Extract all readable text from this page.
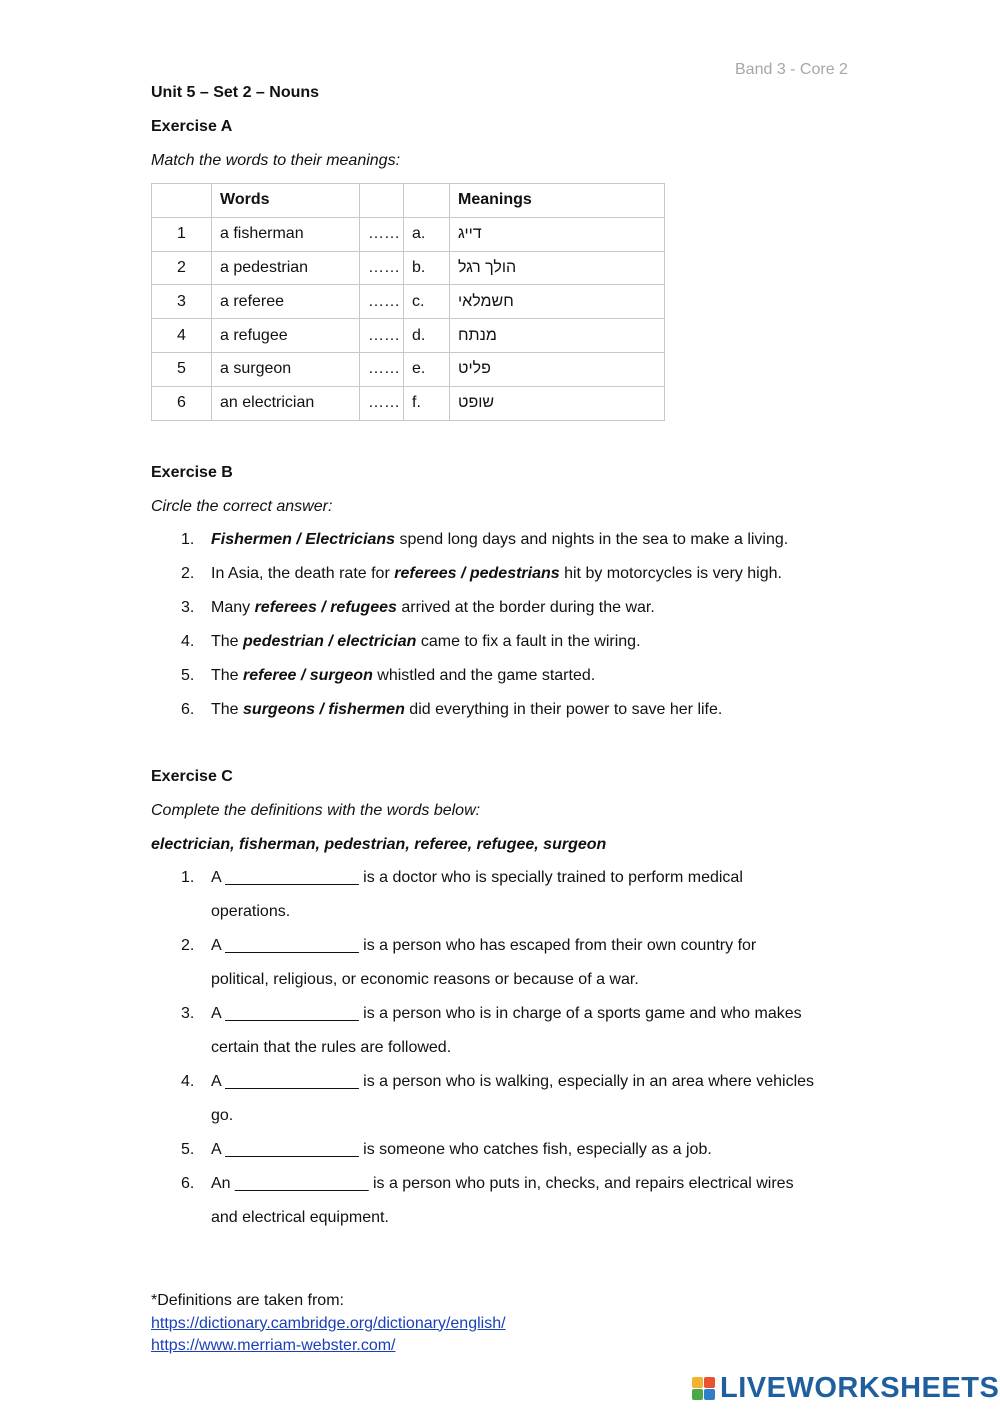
Band 3 - Core 2
Unit 5 – Set 2 – Nouns
Exercise A
Match the words to their meanings:
	Words			Meanings
1	a fisherman	……	a.	דייג
2	a pedestrian	……	b.	הולך רגל
3	a referee	……	c.	חשמלאי
4	a refugee	……	d.	מנתח
5	a surgeon	……	e.	פליט
6	an electrician	……	f.	שופט
Exercise B
Circle the correct answer:
1. Fishermen / Electricians spend long days and nights in the sea to make a living.
2. In Asia, the death rate for referees / pedestrians hit by motorcycles is very high.
3. Many referees / refugees arrived at the border during the war.
4. The pedestrian / electrician came to fix a fault in the wiring.
5. The referee / surgeon whistled and the game started.
6. The surgeons / fishermen did everything in their power to save her life.
Exercise C
Complete the definitions with the words below:
electrician, fisherman, pedestrian, referee, refugee, surgeon
1. A _______________ is a doctor who is specially trained to perform medical
operations.
2. A _______________ is a person who has escaped from their own country for
political, religious, or economic reasons or because of a war.
3. A _______________ is a person who is in charge of a sports game and who makes
certain that the rules are followed.
4. A _______________ is a person who is walking, especially in an area where vehicles
go.
5. A _______________ is someone who catches fish, especially as a job.
6. An _______________ is a person who puts in, checks, and repairs electrical wires
and electrical equipment.
*Definitions are taken from:
https://dictionary.cambridge.org/dictionary/english/
https://www.merriam-webster.com/
LIVEWORKSHEETS
